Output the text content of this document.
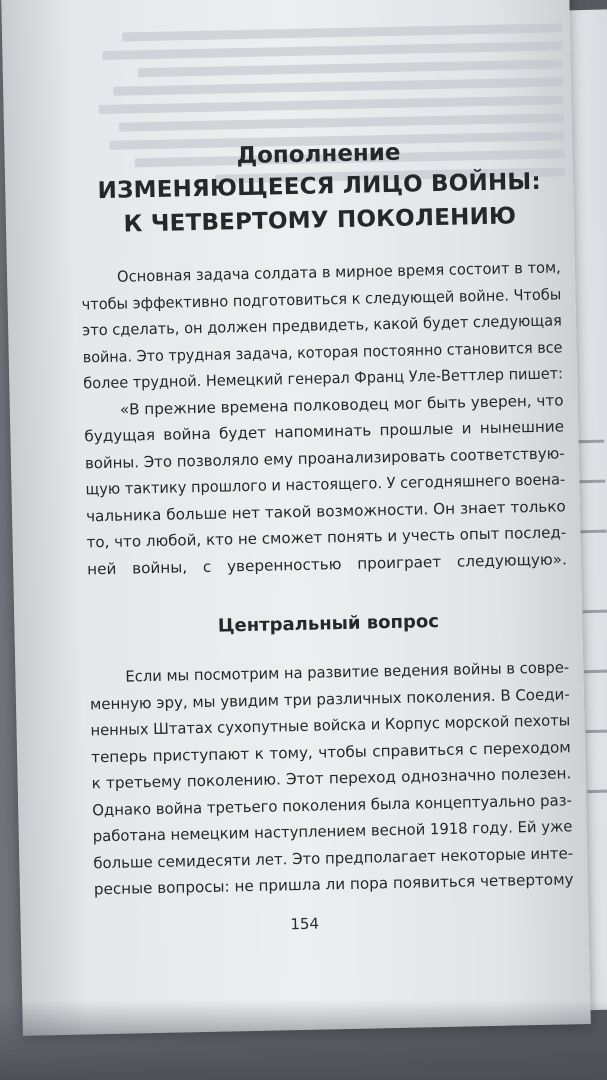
Дополнение

ИЗМЕНЯЮЩЕЕСЯ ЛИЦО ВОЙНЫ:

К ЧЕТВЕРТОМУ ПОКОЛЕНИЮ

Основная задача солдата в мирное время состоит в том,
чтобы эффективно подготовиться к следующей войне. Чтобы
это сделать, он должен предвидеть, какой будет следующая
война. Это трудная задача, которая постоянно становится все
более трудной. Немецкий генерал Франц Уле-Веттлер пишет:

«В прежние времена полководец мог быть уверен, что
будущая война будет напоминать прошлые и нынешние
войны. Это позволяло ему проанализировать соответствую-
щую тактику прошлого и настоящего. У сегодняшнего воена-
чальника больше нет такой возможности. Он знает только
то, что любой, кто не сможет понять и учесть опыт послед-
ней войны, с уверенностью проиграет следующую».

Центральный вопрос

Если мы посмотрим на развитие ведения войны в совре-
менную эру, мы увидим три различных поколения. В Соеди-
ненных Штатах сухопутные войска и Корпус морской пехоты
теперь приступают к тому, чтобы справиться с переходом
к третьему поколению. Этот переход однозначно полезен.
Однако война третьего поколения была концептуально раз-
работана немецким наступлением весной 1918 году. Ей уже
больше семидесяти лет. Это предполагает некоторые инте-
ресные вопросы: не пришла ли пора появиться четвертому

154
